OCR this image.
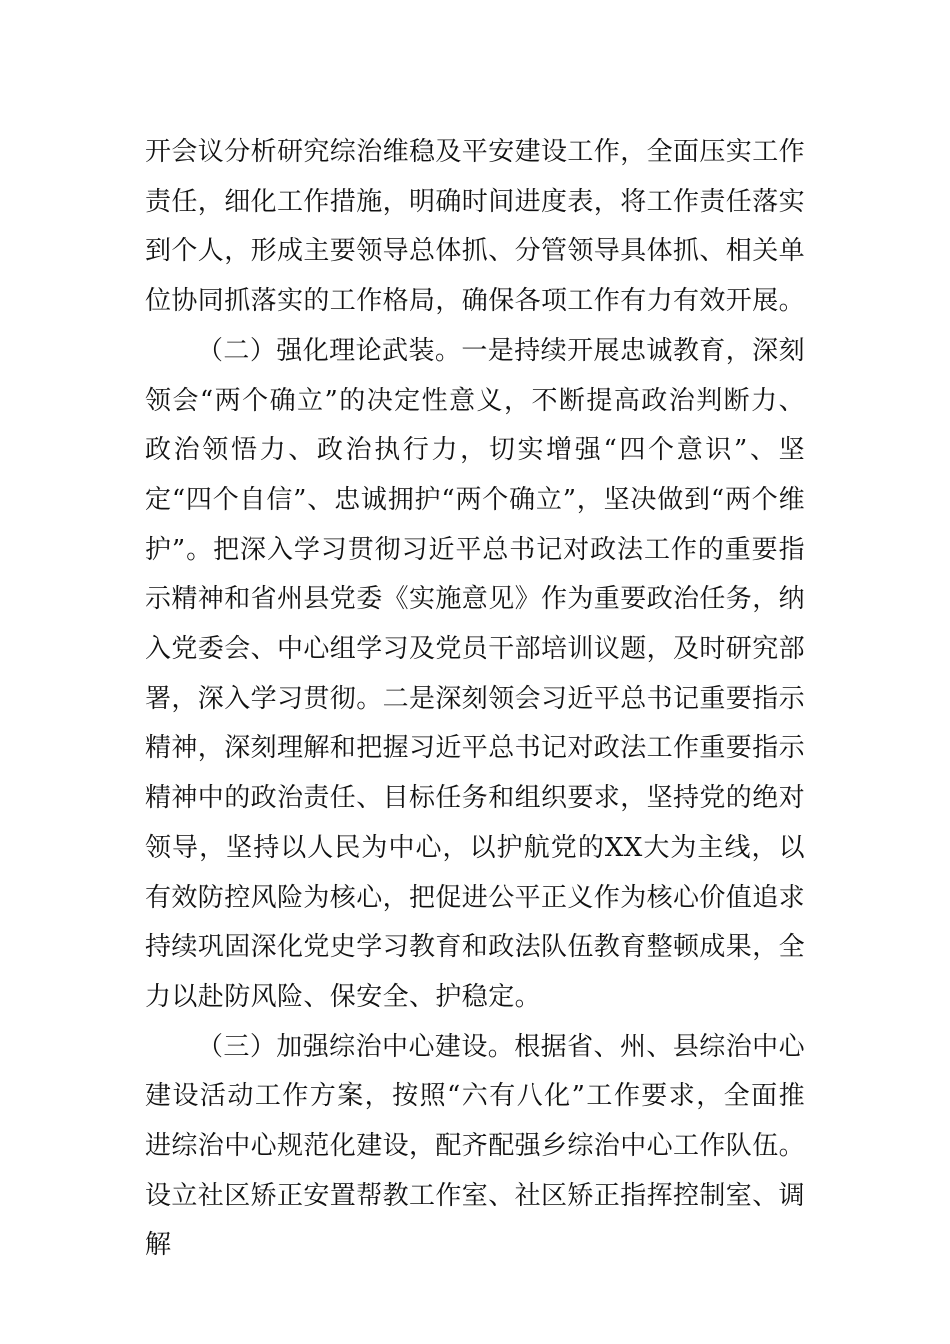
开会议分析研究综治维稳及平安建设工作，全面压实工作责任，细化工作措施，明确时间进度表，将工作责任落实到个人，形成主要领导总体抓、分管领导具体抓、相关单位协同抓落实的工作格局，确保各项工作有力有效开展。

（二）强化理论武装。一是持续开展忠诚教育，深刻领会“两个确立”的决定性意义，不断提高政治判断力、政治领悟力、政治执行力，切实增强“四个意识”、坚定“四个自信”、忠诚拥护“两个确立”，坚决做到“两个维护”。把深入学习贯彻习近平总书记对政法工作的重要指示精神和省州县党委《实施意见》作为重要政治任务，纳入党委会、中心组学习及党员干部培训议题，及时研究部署，深入学习贯彻。二是深刻领会习近平总书记重要指示精神，深刻理解和把握习近平总书记对政法工作重要指示精神中的政治责任、目标任务和组织要求，坚持党的绝对领导，坚持以人民为中心，以护航党的XX大为主线，以有效防控风险为核心，把促进公平正义作为核心价值追求持续巩固深化党史学习教育和政法队伍教育整顿成果，全力以赴防风险、保安全、护稳定。

（三）加强综治中心建设。根据省、州、县综治中心建设活动工作方案，按照“六有八化”工作要求，全面推进综治中心规范化建设，配齐配强乡综治中心工作队伍。设立社区矫正安置帮教工作室、社区矫正指挥控制室、调解
